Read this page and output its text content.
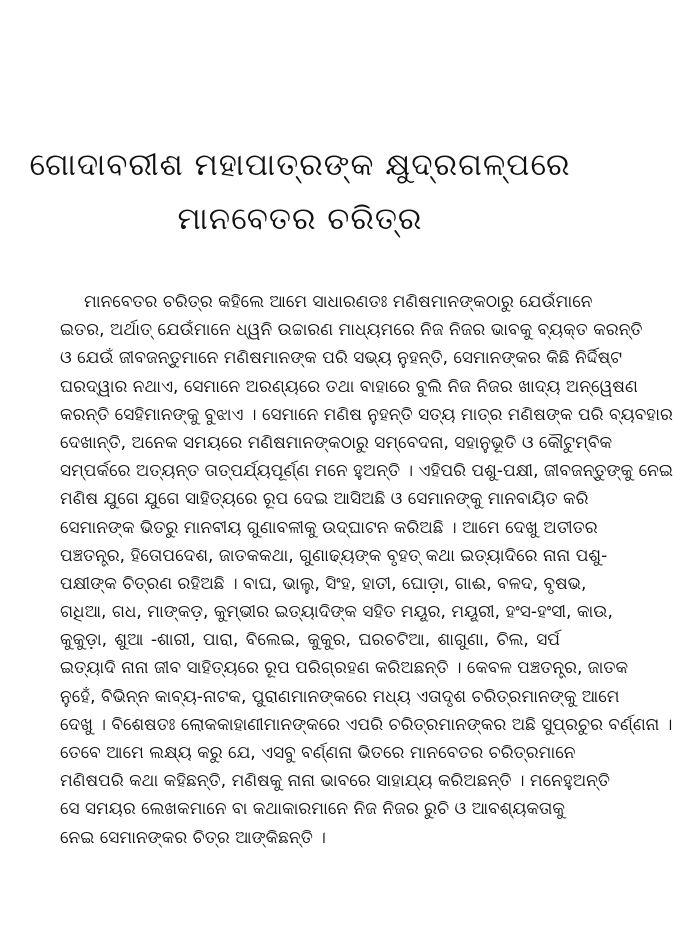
ଗୋଦାବରୀଶ ମହାପାତ୍ରଙ୍କ କ୍ଷୁଦ୍ରଗଳ୍ପରେ
ମାନବେତର ଚରିତ୍ର
ମାନବେତର ଚରିତ୍ର କହିଲେ ଆମେ ସାଧାରଣତଃ ମଣିଷମାନଙ୍କଠାରୁ ଯେଉଁମାନେ
ଇତର, ଅର୍ଥାତ୍ ଯେଉଁମାନେ ଧ୍ୱନି ଉଚ୍ଚାରଣ ମାଧ୍ୟମରେ ନିଜ ନିଜର ଭାବକୁ ବ୍ୟକ୍ତ କରନ୍ତି
ଓ ଯେଉଁ ଜୀବଜନ୍ତୁମାନେ ମଣିଷମାନଙ୍କ ପରି ସଭ୍ୟ ନୁହନ୍ତି, ସେମାନଙ୍କର କିଛି ନିର୍ଦ୍ଦିଷ୍ଟ
ଘରଦ୍ୱାର ନଥାଏ, ସେମାନେ ଅରଣ୍ୟରେ ତଥା ବାହାରେ ବୁଲି ନିଜ ନିଜର ଖାଦ୍ୟ ଅନ୍ୱେଷଣ
କରନ୍ତି ସେହିମାନଙ୍କୁ ବୁଝାଏ । ସେମାନେ ମଣିଷ ନୁହନ୍ତି ସତ୍ୟ ମାତ୍ର ମଣିଷଙ୍କ ପରି ବ୍ୟବହାର
ଦେଖାନ୍ତି, ଅନେକ ସମୟରେ ମଣିଷମାନଙ୍କଠାରୁ ସମ୍ବେଦନା, ସହାନୁଭୂତି ଓ କୌଟୁମ୍ବିକ
ସମ୍ପର୍କରେ ଅତ୍ୟନ୍ତ ତାତ୍ପର୍ଯ୍ୟପୂର୍ଣ୍ଣ ମନେ ହୁଅନ୍ତି । ଏହିପରି ପଶୁ-ପକ୍ଷୀ, ଜୀବଜନ୍ତୁଙ୍କୁ ନେଇ
ମଣିଷ ଯୁଗେ ଯୁଗେ ସାହିତ୍ୟରେ ରୂପ ଦେଇ ଆସିଅଛି ଓ ସେମାନଙ୍କୁ ମାନବାୟିତ କରି
ସେମାନଙ୍କ ଭିତରୁ ମାନବୀୟ ଗୁଣାବଳୀକୁ ଉଦ୍‌ଘାଟନ କରିଅଛି । ଆମେ ଦେଖୁ ଅତୀତର
ପଞ୍ଚତନ୍ତ୍ର, ହିତୋପଦେଶ, ଜାତକକଥା, ଗୁଣାଢ୍ୟଙ୍କ ବୃହତ୍ କଥା ଇତ୍ୟାଦିରେ ନାନା ପଶୁ-
ପକ୍ଷୀଙ୍କ ଚିତ୍ରଣ ରହିଅଛି । ବାଘ, ଭାଲୁ, ସିଂହ, ହାତୀ, ଘୋଡ଼ା, ଗାଈ, ବଳଦ, ବୃଷଭ,
ଗଧିଆ, ଗଧ, ମାଙ୍କଡ଼, କୁମ୍ଭୀର ଇତ୍ୟାଦିଙ୍କ ସହିତ ମୟୂର, ମୟୂରୀ, ହଂସ-ହଂସୀ, କାଉ,
କୁକୁଡ଼ା, ଶୁଆ -ଶାରୀ, ପାରା, ବିଲେଇ, କୁକୁର, ଘରଚଟିଆ, ଶାଗୁଣା, ଚିଲ, ସର୍ପ
ଇତ୍ୟାଦି ନାନା ଜୀବ ସାହିତ୍ୟରେ ରୂପ ପରିଗ୍ରହଣ କରିଅଛନ୍ତି । କେବଳ ପଞ୍ଚତନ୍ତ୍ର, ଜାତକ
ନୁହେଁ, ବିଭିନ୍ନ କାବ୍ୟ-ନାଟକ, ପୁରାଣମାନଙ୍କରେ ମଧ୍ୟ ଏତାଦୃଶ ଚରିତ୍ରମାନଙ୍କୁ ଆମେ
ଦେଖୁ । ବିଶେଷତଃ ଲୋକକାହାଣୀମାନଙ୍କରେ ଏପରି ଚରିତ୍ରମାନଙ୍କର ଅଛି ସୁପ୍ରଚୁର ବର୍ଣ୍ଣନା ।
ତେବେ ଆମେ ଲକ୍ଷ୍ୟ କରୁ ଯେ, ଏସବୁ ବର୍ଣ୍ଣନା ଭିତରେ ମାନବେତର ଚରିତ୍ରମାନେ
ମଣିଷପରି କଥା କହିଛନ୍ତି, ମଣିଷକୁ ନାନା ଭାବରେ ସାହାଯ୍ୟ କରିଅଛନ୍ତି । ମନେହୁଅନ୍ତି
ସେ ସମୟର ଲେଖକମାନେ ବା କଥାକାରମାନେ ନିଜ ନିଜର ରୁଚି ଓ ଆବଶ୍ୟକତାକୁ
ନେଇ ସେମାନଙ୍କର ଚିତ୍ର ଆଙ୍କିଛନ୍ତି ।
